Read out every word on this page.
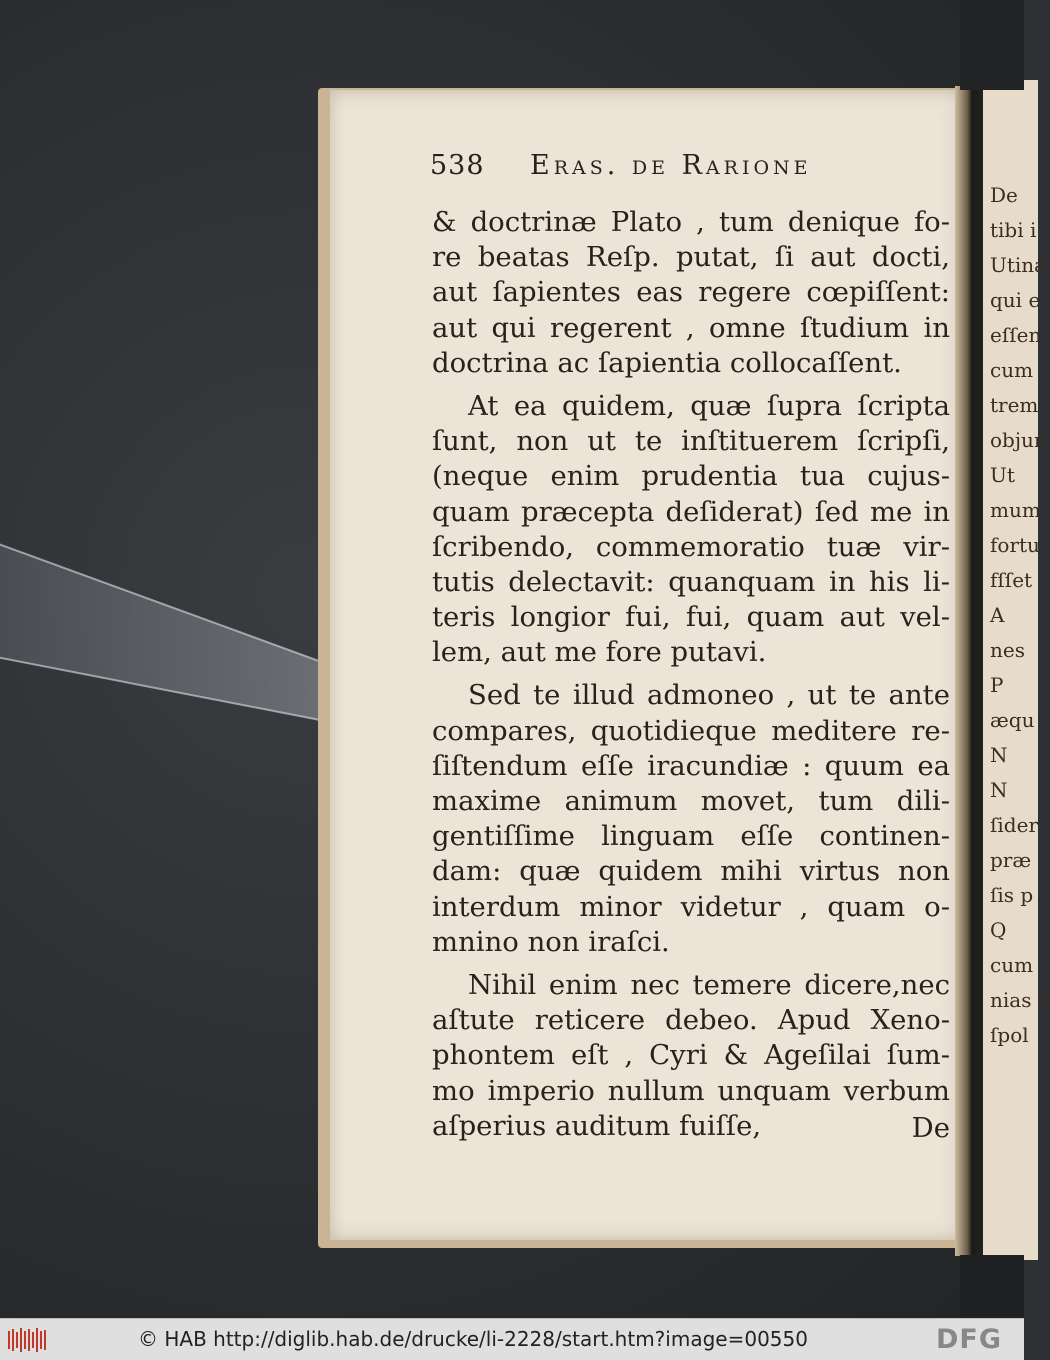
538 Eras. de Rarione
& doctrinæ Plato , tum denique fo-
re beatas Reſp. putat, ſi aut docti,
aut ſapientes eas regere cœpiſſent:
aut qui regerent , omne ſtudium in
doctrina ac ſapientia collocaſſent.
At ea quidem, quæ ſupra ſcripta
ſunt, non ut te inſtituerem ſcripſi,
(neque enim prudentia tua cujus-
quam præcepta deſiderat) ſed me in
ſcribendo, commemoratio tuæ vir-
tutis delectavit: quanquam in his li-
teris longior fui, fui, quam aut vel-
lem, aut me fore putavi.
Sed te illud admoneo , ut te ante
compares, quotidieque meditere re-
ſiſtendum eſſe iracundiæ : quum ea
maxime animum movet, tum dili-
gentiſſime linguam eſſe continen-
dam: quæ quidem mihi virtus non
interdum minor videtur , quam o-
mnino non iraſci.
Nihil enim nec temere dicere,nec
aſtute reticere debeo. Apud Xeno-
phontem eſt , Cyri & Ageſilai ſum-
mo imperio nullum unquam verbum
aſperius auditum fuiſſe,	De
De
tibi i
Utina
qui e
eſſen
cum
trem
objur
Ut
mum
fortu
fſſet
A
nes
P
æqu
N
N
ſider
præ
ſis p
Q
cum
nias a
ſpol
© HAB http://diglib.hab.de/drucke/li-2228/start.htm?image=00550	DFG
